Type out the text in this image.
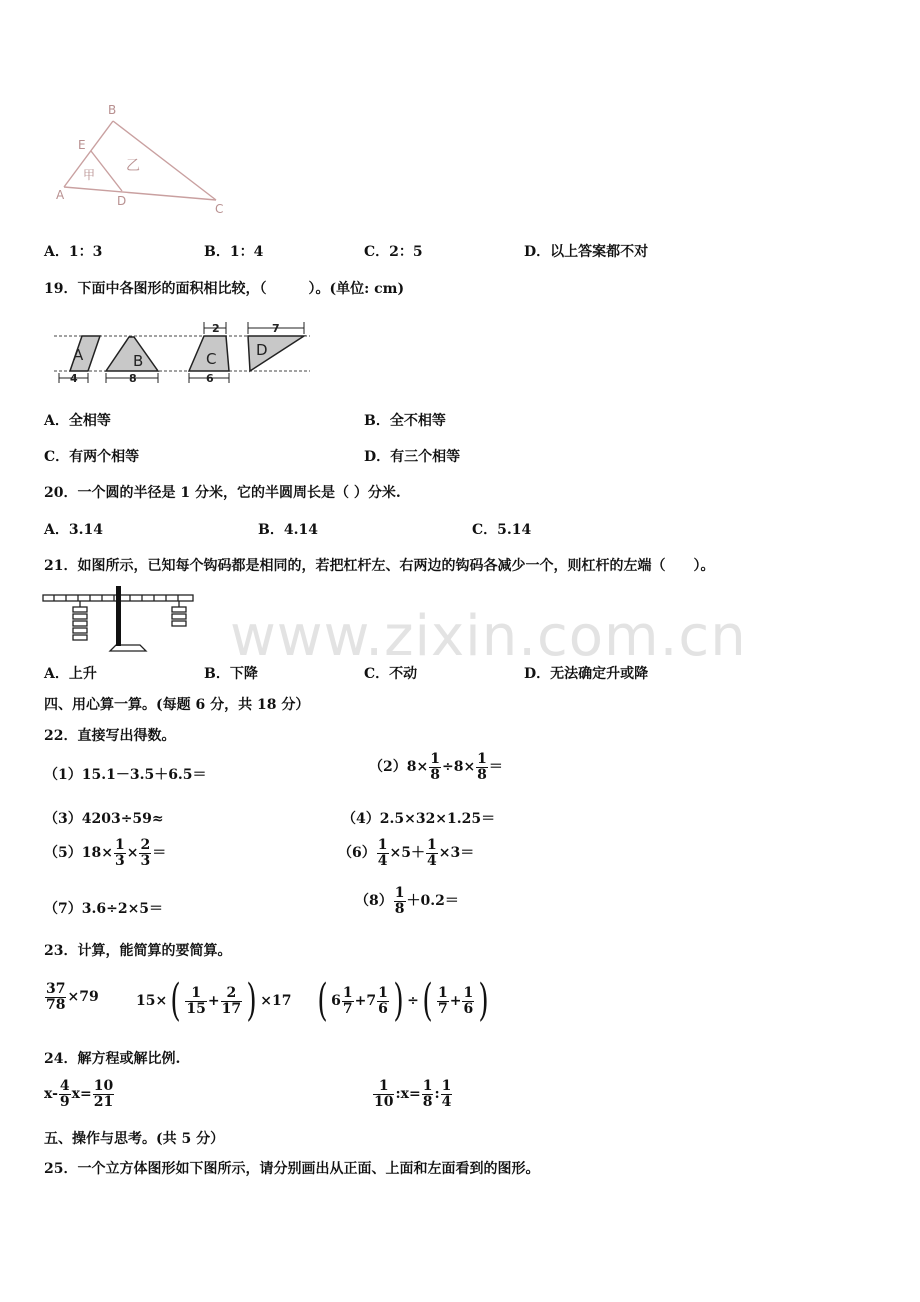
www.zixin.com.cn
B
E
A	D
C
甲
乙
A．1：3	B．1：4	C．2：5	D．以上答案都不对
19．下面中各图形的面积相比较，（　　　）。(单位: cm)
A	B	C	D
4	8	6
2	7
A．全相等	B．全不相等
C．有两个相等	D．有三个相等
20．一个圆的半径是 1 分米，它的半圆周长是（ ）分米.
A．3.14	B．4.14	C．5.14
21．如图所示，已知每个钩码都是相同的，若把杠杆左、右两边的钩码各减少一个，则杠杆的左端（　　）。
A．上升	B．下降	C．不动	D．无法确定升或降
四、用心算一算。(每题 6 分，共 18 分）
22．直接写出得数。
（1）15.1－3.5＋6.5＝	$(2)8\times \frac{1}{8} \div 8\times \frac{1}{8}$ ＝
（3）4203÷59≈	（4）2.5×32×1.25＝
$(5)18\times \frac{1}{3} \times \frac{2}{3}$ ＝	$(6) \frac{1}{4} \times 5+ \frac{1}{4} \times 3=$
（7）3.6÷2×5＝	$(8) \frac{1}{8} +0.2=$
23．计算，能简算的要简算。
$\frac{37}{78} \times 79$	15× ( $\frac{1}{15} + \frac{2}{17}$ ) ×17 ( $6 \frac{1}{7} + 7 \frac{1}{6}$ ) ÷ ( $\frac{1}{7} + \frac{1}{6}$ )
24．解方程或解比例.
$x- \frac{4}{9} x= \frac{10}{21}$	$\frac{1}{10}$ :x= $\frac{1}{8}$ : $\frac{1}{4}$
五、操作与思考。(共 5 分）
25．一个立方体图形如下图所示，请分别画出从正面、上面和左面看到的图形。
